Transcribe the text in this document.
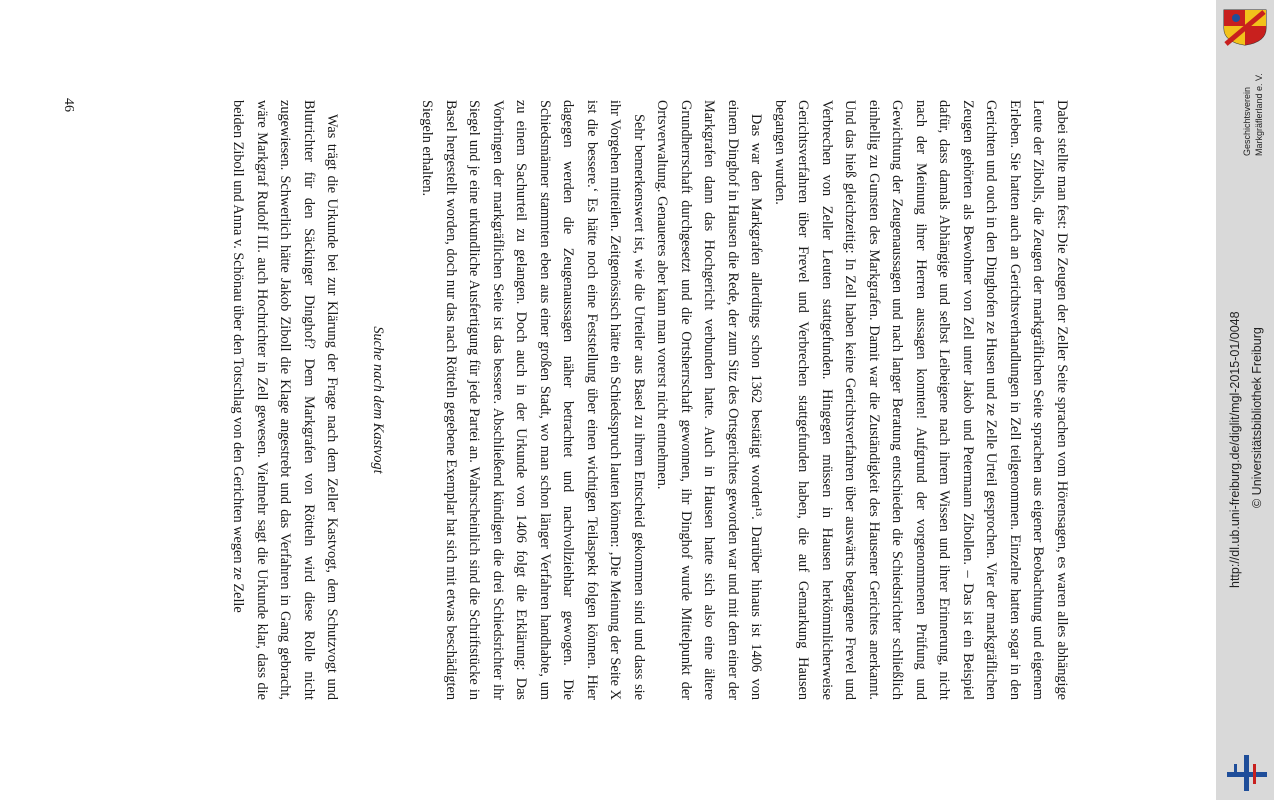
Dabei stellte man fest: Die Zeugen der Zeller Seite sprachen vom Hörensagen, es waren alles abhängige Leute der Zibolls, die Zeugen der markgräflichen Seite sprachen aus eigener Beobachtung und eigenem Erleben. Sie hatten auch an Gerichtsverhandlungen in Zell teilgenommen. Einzelne hatten sogar in den Gerichten und ouch in den Dinghofen ze Husen und ze Zelle Urteil gesprochen. Vier der markgräflichen Zeugen gehörten als Bewohner von Zell unter Jakob und Petermann Zibollen. – Das ist ein Beispiel dafür, dass damals Abhängige und selbst Leibeigene nach ihrem Wissen und ihrer Erinnerung, nicht nach der Meinung ihrer Herren aussagen konnten! Aufgrund der vorgenommenen Prüfung und Gewichtung der Zeugenaussagen und nach langer Beratung entschieden die Schiedsrichter schließlich einhellig zu Gunsten des Markgrafen. Damit war die Zuständigkeit des Hausener Gerichtes anerkannt. Und das hieß gleichzeitig: In Zell haben keine Gerichtsverfahren über auswärts begangene Frevel und Verbrechen von Zeller Leuten stattgefunden. Hingegen müssen in Hausen herkömmlicherweise Gerichtsverfahren über Frevel und Verbrechen stattgefunden haben, die auf Gemarkung Hausen begangen wurden.

Das war den Markgrafen allerdings schon 1362 bestätigt worden¹³. Darüber hinaus ist 1406 von einem Dinghof in Hausen die Rede, der zum Sitz des Ortsgerichtes geworden war und mit dem einer der Markgrafen dann das Hochgericht verbunden hatte. Auch in Hausen hatte sich also eine ältere Grundherrschaft durchgesetzt und die Ortsherrschaft gewonnen, ihr Dinghof wurde Mittelpunkt der Ortsverwaltung. Genaueres aber kann man vorerst nicht entnehmen.

Sehr bemerkenswert ist, wie die Urteiler aus Basel zu ihrem Entscheid gekommen sind und dass sie ihr Vorgehen mitteilen. Zeitgenössisch hätte ein Schiedsspruch lauten können: ‚Die Meinung der Seite X ist die bessere.‘ Es hätte noch eine Feststellung über einen wichtigen Teilaspekt folgen können. Hier dagegen werden die Zeugenaussagen näher betrachtet und nachvollziehbar gewogen. Die Schiedsmänner stammten eben aus einer großen Stadt, wo man schon länger Verfahren handhabte, um zu einem Sachurteil zu gelangen. Doch auch in der Urkunde von 1406 folgt die Erklärung: Das Vorbringen der markgräflichen Seite ist das bessere. Abschließend kündigen die drei Schiedsrichter ihr Siegel und je eine urkundliche Ausfertigung für jede Partei an. Wahrscheinlich sind die Schriftstücke in Basel hergestellt worden, doch nur das nach Rötteln gegebene Exemplar hat sich mit etwas beschädigten Siegeln erhalten.

Suche nach dem Kastvogt

Was trägt die Urkunde bei zur Klärung der Frage nach dem Zeller Kastvogt, dem Schutzvogt und Blutrichter für den Säckinger Dinghof? Dem Markgrafen von Rötteln wird diese Rolle nicht zugewiesen. Schwerlich hätte Jakob Ziboll die Klage angestrebt und das Verfahren in Gang gebracht, wäre Markgraf Rudolf III. auch Hochrichter in Zell gewesen. Vielmehr sagt die Urkunde klar, dass die beiden Ziboll und Anna v. Schönau über den Totschlag von den Gerichten wegen ze Zelle

46	Geschichtsverein Markgräflerland e. V.
http://dl.ub.uni-freiburg.de/diglit/mgl-2015-01/0048 © Universitätsbibliothek Freiburg
